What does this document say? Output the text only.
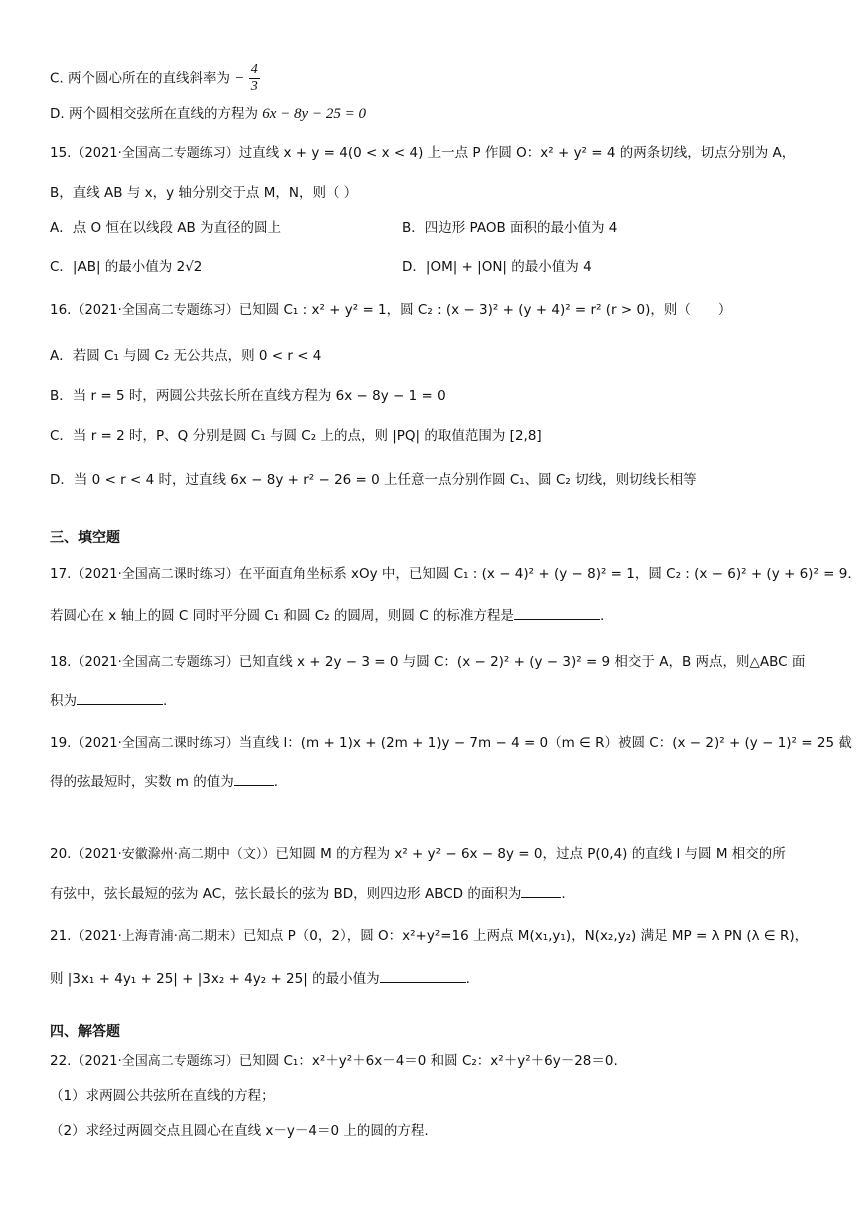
C. 两个圆心所在的直线斜率为 − $\frac{4}{3}$
D. 两个圆相交弦所在直线的方程为 6x − 8y − 25 = 0
15.（2021·全国高二专题练习）过直线 x + y = 4(0 < x < 4) 上一点 P 作圆 O：x² + y² = 4 的两条切线，切点分别为 A，
B，直线 AB 与 x，y 轴分别交于点 M，N，则（ ）
A．点 O 恒在以线段 AB 为直径的圆上	B．四边形 PAOB 面积的最小值为 4
C．|AB| 的最小值为 2√2	D．|OM| + |ON| 的最小值为 4
16.（2021·全国高二专题练习）已知圆 C₁ : x² + y² = 1，圆 C₂ : (x − 3)² + (y + 4)² = r² (r > 0)，则（　　）
A．若圆 C₁ 与圆 C₂ 无公共点，则 0 < r < 4
B．当 r = 5 时，两圆公共弦长所在直线方程为 6x − 8y − 1 = 0
C．当 r = 2 时，P、Q 分别是圆 C₁ 与圆 C₂ 上的点，则 |PQ| 的取值范围为 [2,8]
D．当 0 < r < 4 时，过直线 6x − 8y + r² − 26 = 0 上任意一点分别作圆 C₁、圆 C₂ 切线，则切线长相等
三、填空题
17.（2021·全国高二课时练习）在平面直角坐标系 xOy 中，已知圆 C₁ : (x − 4)² + (y − 8)² = 1，圆 C₂ : (x − 6)² + (y + 6)² = 9.
若圆心在 x 轴上的圆 C 同时平分圆 C₁ 和圆 C₂ 的圆周，则圆 C 的标准方程是	.
18.（2021·全国高二专题练习）已知直线 x + 2y − 3 = 0 与圆 C：(x − 2)² + (y − 3)² = 9 相交于 A，B 两点，则△ABC 面
积为	.
19.（2021·全国高二课时练习）当直线 l：(m + 1)x + (2m + 1)y − 7m − 4 = 0（m ∈ R）被圆 C：(x − 2)² + (y − 1)² = 25 截
得的弦最短时，实数 m 的值为	.
20.（2021·安徽滁州·高二期中（文））已知圆 M 的方程为 x² + y² − 6x − 8y = 0，过点 P(0,4) 的直线 l 与圆 M 相交的所
有弦中，弦长最短的弦为 AC，弦长最长的弦为 BD，则四边形 ABCD 的面积为	.
21.（2021·上海青浦·高二期末）已知点 P（0，2），圆 O：x²+y²=16 上两点 M(x₁,y₁)，N(x₂,y₂) 满足 MP = λ PN (λ ∈ R)，
则 |3x₁ + 4y₁ + 25| + |3x₂ + 4y₂ + 25| 的最小值为	.
四、解答题
22.（2021·全国高二专题练习）已知圆 C₁：x²＋y²＋6x－4＝0 和圆 C₂：x²＋y²＋6y－28＝0.
（1）求两圆公共弦所在直线的方程；
（2）求经过两圆交点且圆心在直线 x－y－4＝0 上的圆的方程.
